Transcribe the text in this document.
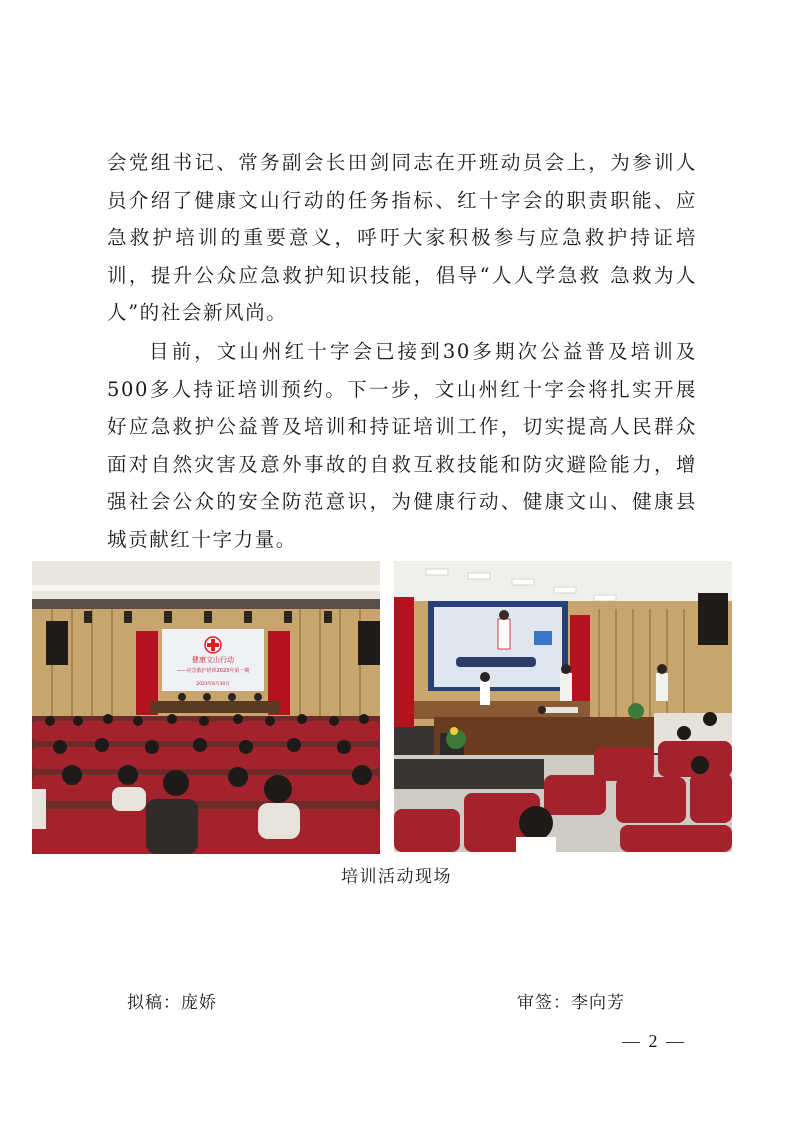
会党组书记、常务副会长田剑同志在开班动员会上，为参训人员介绍了健康文山行动的任务指标、红十字会的职责职能、应急救护培训的重要意义，呼吁大家积极参与应急救护持证培训，提升公众应急救护知识技能，倡导“人人学急救 急救为人人”的社会新风尚。

目前，文山州红十字会已接到30多期次公益普及培训及500多人持证培训预约。下一步，文山州红十字会将扎实开展好应急救护公益普及培训和持证培训工作，切实提高人民群众面对自然灾害及意外事故的自救互救技能和防灾避险能力，增强社会公众的安全防范意识，为健康行动、健康文山、健康县城贡献红十字力量。

健康文山行动
——应急救护培训2023年第一期
2023年8月30日
培训活动现场
拟稿：庞娇	审签：李向芳
— 2 —
